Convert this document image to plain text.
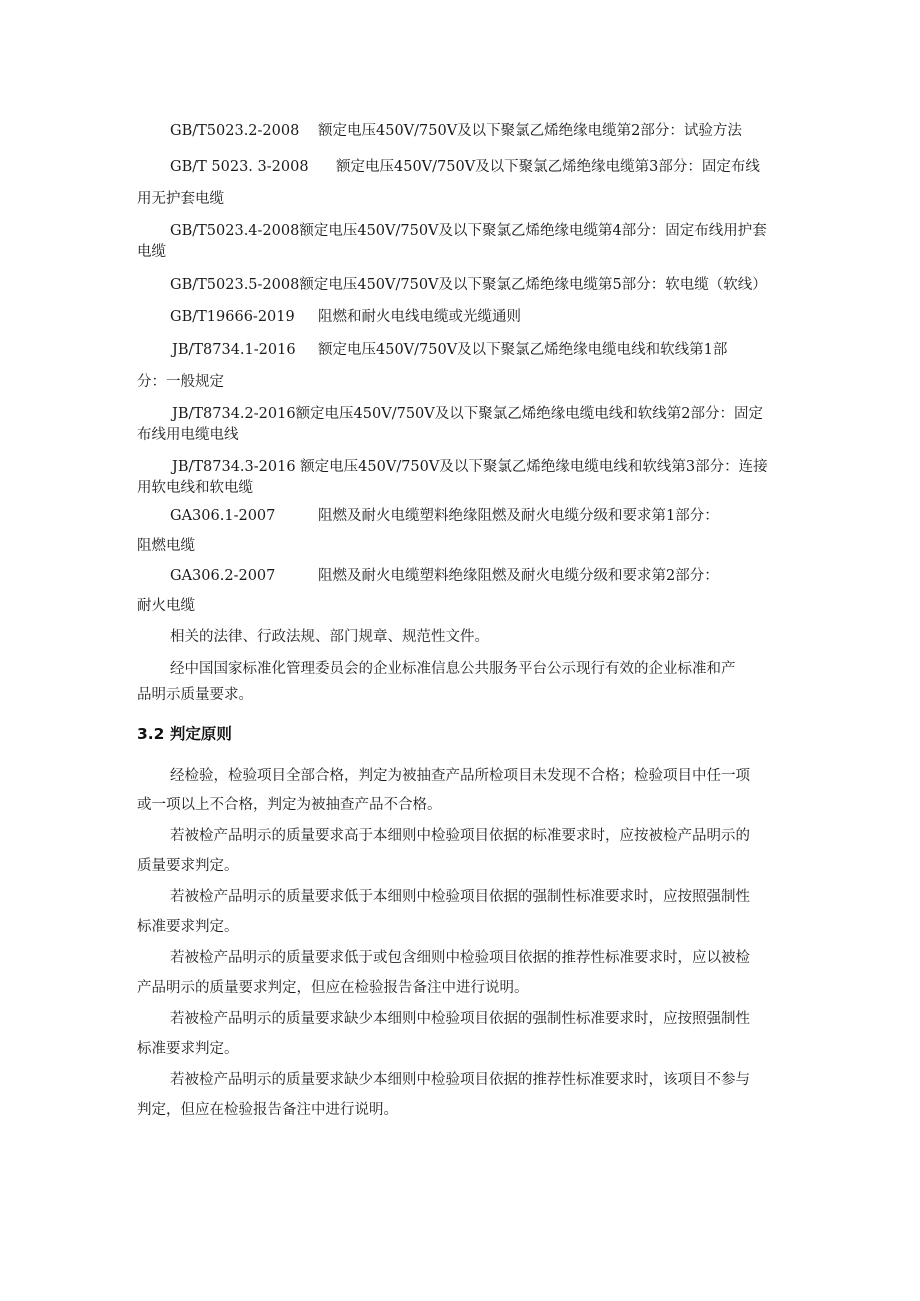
GB/T5023.2-2008 额定电压450V/750V及以下聚氯乙烯绝缘电缆第2部分：试验方法
GB/T 5023. 3-2008 额定电压450V/750V及以下聚氯乙烯绝缘电缆第3部分：固定布线
用无护套电缆
GB/T5023.4-2008额定电压450V/750V及以下聚氯乙烯绝缘电缆第4部分：固定布线用护套
电缆
GB/T5023.5-2008额定电压450V/750V及以下聚氯乙烯绝缘电缆第5部分：软电缆（软线）
GB/T19666-2019 阻燃和耐火电线电缆或光缆通则
JB/T8734.1-2016 额定电压450V/750V及以下聚氯乙烯绝缘电缆电线和软线第1部
分：一般规定
JB/T8734.2-2016额定电压450V/750V及以下聚氯乙烯绝缘电缆电线和软线第2部分：固定
布线用电缆电线
JB/T8734.3-2016 额定电压450V/750V及以下聚氯乙烯绝缘电缆电线和软线第3部分：连接
用软电线和软电缆
GA306.1-2007	阻燃及耐火电缆塑料绝缘阻燃及耐火电缆分级和要求第1部分：
阻燃电缆
GA306.2-2007	阻燃及耐火电缆塑料绝缘阻燃及耐火电缆分级和要求第2部分：
耐火电缆
相关的法律、行政法规、部门规章、规范性文件。
经中国国家标准化管理委员会的企业标准信息公共服务平台公示现行有效的企业标准和产
品明示质量要求。
3.2 判定原则
经检验，检验项目全部合格，判定为被抽查产品所检项目未发现不合格；检验项目中任一项
或一项以上不合格，判定为被抽查产品不合格。
若被检产品明示的质量要求高于本细则中检验项目依据的标准要求时，应按被检产品明示的
质量要求判定。
若被检产品明示的质量要求低于本细则中检验项目依据的强制性标准要求时，应按照强制性
标准要求判定。
若被检产品明示的质量要求低于或包含细则中检验项目依据的推荐性标准要求时，应以被检
产品明示的质量要求判定，但应在检验报告备注中进行说明。
若被检产品明示的质量要求缺少本细则中检验项目依据的强制性标准要求时，应按照强制性
标准要求判定。
若被检产品明示的质量要求缺少本细则中检验项目依据的推荐性标准要求时，该项目不参与
判定，但应在检验报告备注中进行说明。
